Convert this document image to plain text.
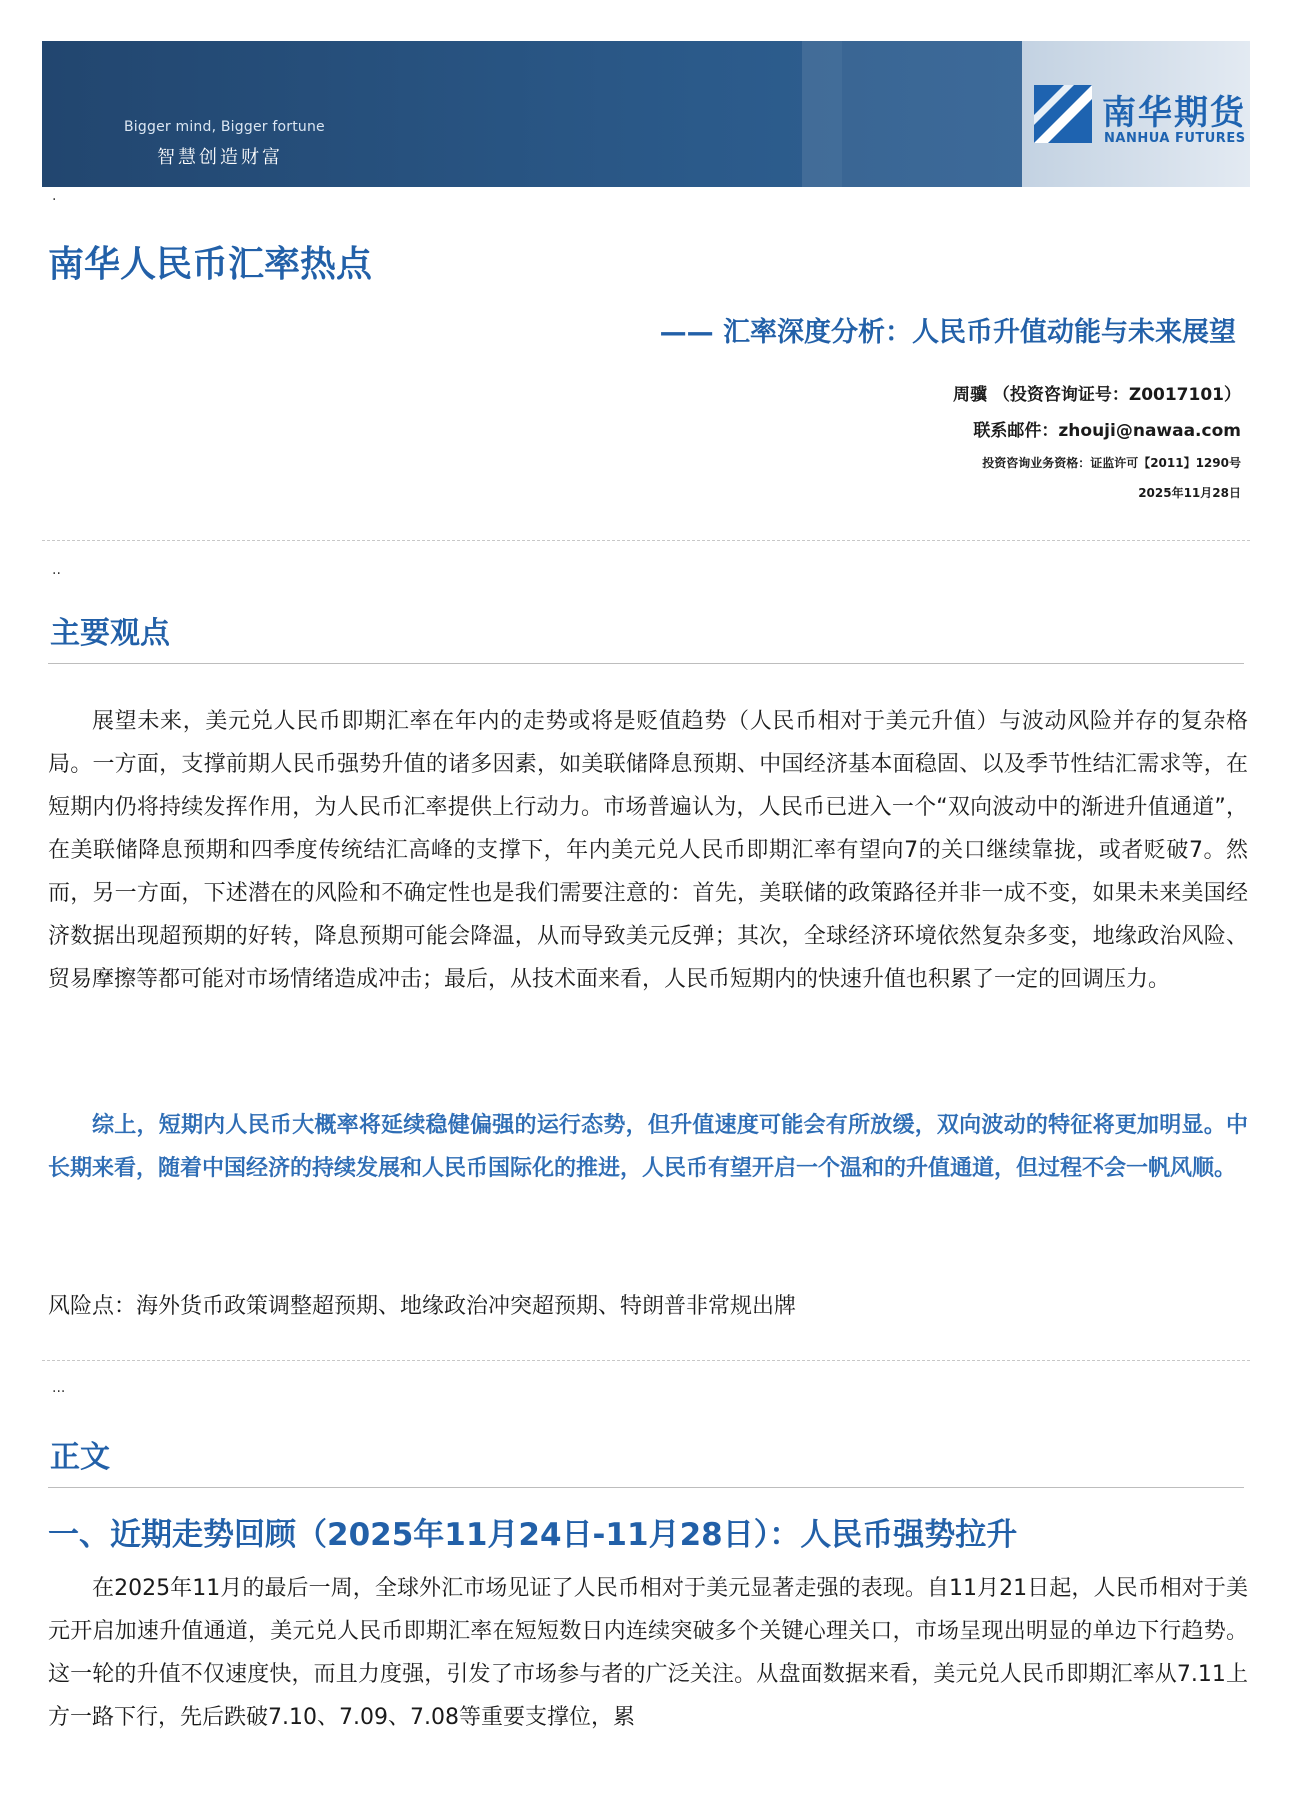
Bigger mind, Bigger fortune
智慧创造财富
南华期货
NANHUA FUTURES
.
南华人民币汇率热点
—— 汇率深度分析：人民币升值动能与未来展望
周骥 （投资咨询证号：Z0017101）
联系邮件：zhouji@nawaa.com
投资咨询业务资格：证监许可【2011】1290号
2025年11月28日
..
主要观点

展望未来，美元兑人民币即期汇率在年内的走势或将是贬值趋势（人民币相对于美元升值）与波动风险并存的复杂格局。一方面，支撑前期人民币强势升值的诸多因素，如美联储降息预期、中国经济基本面稳固、以及季节性结汇需求等，在短期内仍将持续发挥作用，为人民币汇率提供上行动力。市场普遍认为，人民币已进入一个“双向波动中的渐进升值通道”，在美联储降息预期和四季度传统结汇高峰的支撑下，年内美元兑人民币即期汇率有望向7的关口继续靠拢，或者贬破7。然而，另一方面，下述潜在的风险和不确定性也是我们需要注意的：首先，美联储的政策路径并非一成不变，如果未来美国经济数据出现超预期的好转，降息预期可能会降温，从而导致美元反弹；其次，全球经济环境依然复杂多变，地缘政治风险、贸易摩擦等都可能对市场情绪造成冲击；最后，从技术面来看，人民币短期内的快速升值也积累了一定的回调压力。

综上，短期内人民币大概率将延续稳健偏强的运行态势，但升值速度可能会有所放缓，双向波动的特征将更加明显。中长期来看，随着中国经济的持续发展和人民币国际化的推进，人民币有望开启一个温和的升值通道，但过程不会一帆风顺。

风险点：海外货币政策调整超预期、地缘政治冲突超预期、特朗普非常规出牌

...
正文
一、近期走势回顾（2025年11月24日-11月28日）：人民币强势拉升

在2025年11月的最后一周，全球外汇市场见证了人民币相对于美元显著走强的表现。自11月21日起，人民币相对于美元开启加速升值通道，美元兑人民币即期汇率在短短数日内连续突破多个关键心理关口，市场呈现出明显的单边下行趋势。这一轮的升值不仅速度快，而且力度强，引发了市场参与者的广泛关注。从盘面数据来看，美元兑人民币即期汇率从7.11上方一路下行，先后跌破7.10、7.09、7.08等重要支撑位，累
